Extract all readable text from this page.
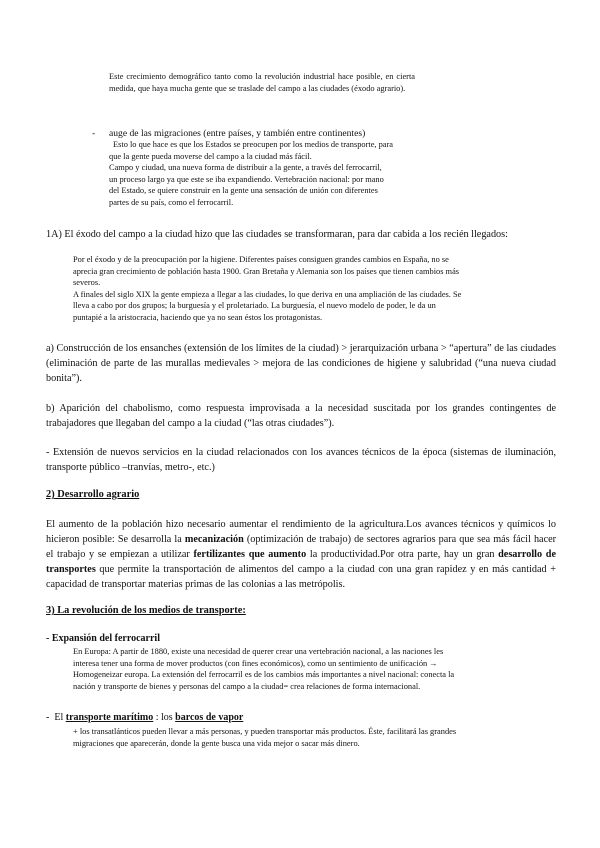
Este crecimiento demográfico tanto como la revolución industrial hace posible, en cierta medida, que haya mucha gente que se traslade del campo a las ciudades (éxodo agrario).

- auge de las migraciones (entre países, y también entre continentes)

Esto lo que hace es que los Estados se preocupen por los medios de transporte, para
que la gente pueda moverse del campo a la ciudad más fácil.
Campo y ciudad, una nueva forma de distribuir a la gente, a través del ferrocarril,
un proceso largo ya que este se iba expandiendo. Vertebración nacional: por mano
del Estado, se quiere construir en la gente una sensación de unión con diferentes
partes de su país, como el ferrocarril.

1A) El éxodo del campo a la ciudad hizo que las ciudades se transformaran, para dar cabida a los recién llegados:

Por el éxodo y de la preocupación por la higiene. Diferentes países consiguen grandes cambios en España, no se
aprecia gran crecimiento de población hasta 1900. Gran Bretaña y Alemania son los países que tienen cambios más
severos.
A finales del siglo XIX la gente empieza a llegar a las ciudades, lo que deriva en una ampliación de las ciudades. Se
lleva a cabo por dos grupos; la burguesía y el proletariado. La burguesía, el nuevo modelo de poder, le da un
puntapié a la aristocracia, haciendo que ya no sean éstos los protagonistas.

a) Construcción de los ensanches (extensión de los límites de la ciudad) > jerarquización urbana > “apertura” de las ciudades (eliminación de parte de las murallas medievales > mejora de las condiciones de higiene y salubridad (“una nueva ciudad bonita”).

b) Aparición del chabolismo, como respuesta improvisada a la necesidad suscitada por los grandes contingentes de trabajadores que llegaban del campo a la ciudad (“las otras ciudades”).

- Extensión de nuevos servicios en la ciudad relacionados con los avances técnicos de la época (sistemas de iluminación, transporte público –tranvías, metro-, etc.)

2) Desarrollo agrario

El aumento de la población hizo necesario aumentar el rendimiento de la agricultura.Los avances técnicos y químicos lo hicieron posible: Se desarrolla la mecanización (optimización de trabajo) de sectores agrarios para que sea más fácil hacer el trabajo y se empiezan a utilizar fertilizantes que aumento la productividad.Por otra parte, hay un gran desarrollo de transportes que permite la transportación de alimentos del campo a la ciudad con una gran rapidez y en más cantidad + capacidad de transportar materias primas de las colonias a las metrópolis.

3) La revolución de los medios de transporte:

- Expansión del ferrocarril

En Europa: A partir de 1880, existe una necesidad de querer crear una vertebración nacional, a las naciones les
interesa tener una forma de mover productos (con fines económicos), como un sentimiento de unificación →
Homogeneizar europa. La extensión del ferrocarril es de los cambios más importantes a nivel nacional: conecta la
nación y transporte de bienes y personas del campo a la ciudad= crea relaciones de forma internacional.
- El transporte marítimo : los barcos de vapor
+ los transatlánticos pueden llevar a más personas, y pueden transportar más productos. Éste, facilitará las grandes
migraciones que aparecerán, donde la gente busca una vida mejor o sacar más dinero.
